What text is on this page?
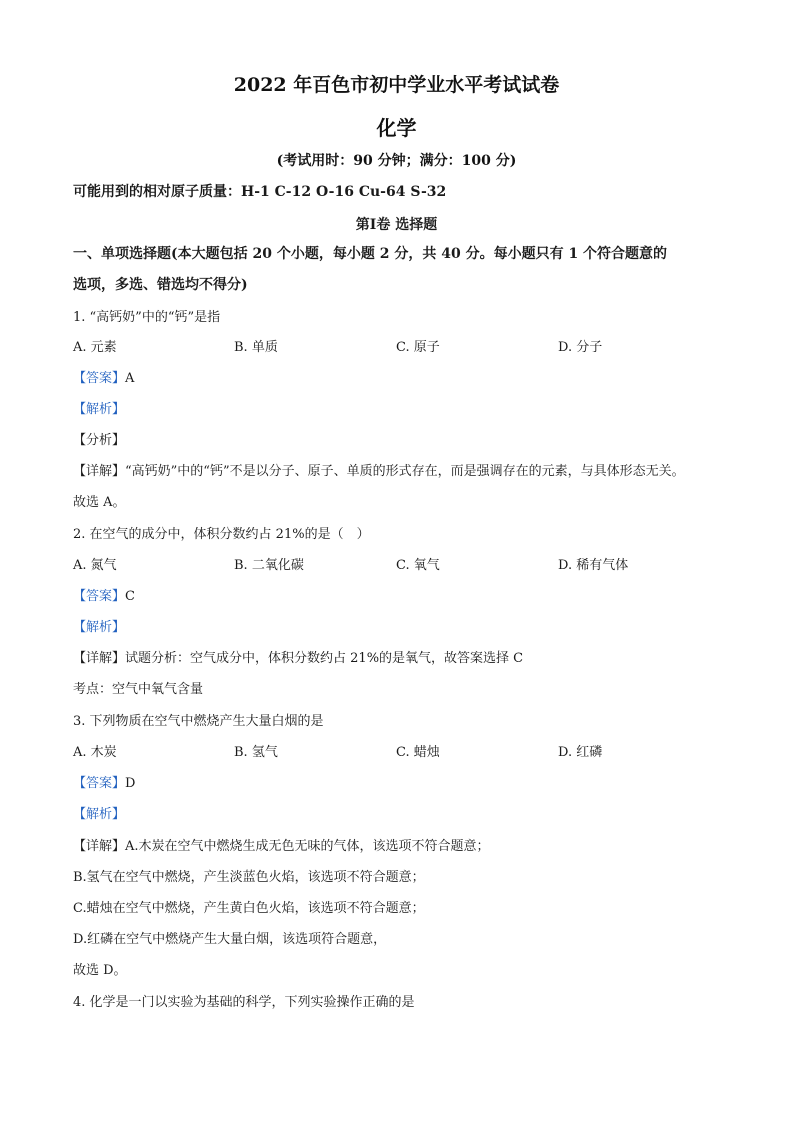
2022 年百色市初中学业水平考试试卷
化学
(考试用时：90 分钟；满分：100 分)
可能用到的相对原子质量：H-1 C-12 O-16 Cu-64 S-32
第Ⅰ卷 选择题
一、单项选择题(本大题包括 20 个小题，每小题 2 分，共 40 分。每小题只有 1 个符合题意的
选项，多选、错选均不得分)
1. “高钙奶”中的“钙”是指
A. 元素	B. 单质	C. 原子	D. 分子
【答案】A
【解析】
【分析】
【详解】“高钙奶”中的“钙”不是以分子、原子、单质的形式存在，而是强调存在的元素，与具体形态无关。
故选 A。
2. 在空气的成分中，体积分数约占 21%的是（　）
A. 氮气	B. 二氧化碳	C. 氧气	D. 稀有气体
【答案】C
【解析】
【详解】试题分析：空气成分中，体积分数约占 21%的是氧气，故答案选择 C
考点：空气中氧气含量
3. 下列物质在空气中燃烧产生大量白烟的是
A. 木炭	B. 氢气	C. 蜡烛	D. 红磷
【答案】D
【解析】
【详解】A.木炭在空气中燃烧生成无色无味的气体，该选项不符合题意；
B.氢气在空气中燃烧，产生淡蓝色火焰，该选项不符合题意；
C.蜡烛在空气中燃烧，产生黄白色火焰，该选项不符合题意；
D.红磷在空气中燃烧产生大量白烟，该选项符合题意，
故选 D。
4. 化学是一门以实验为基础的科学，下列实验操作正确的是
